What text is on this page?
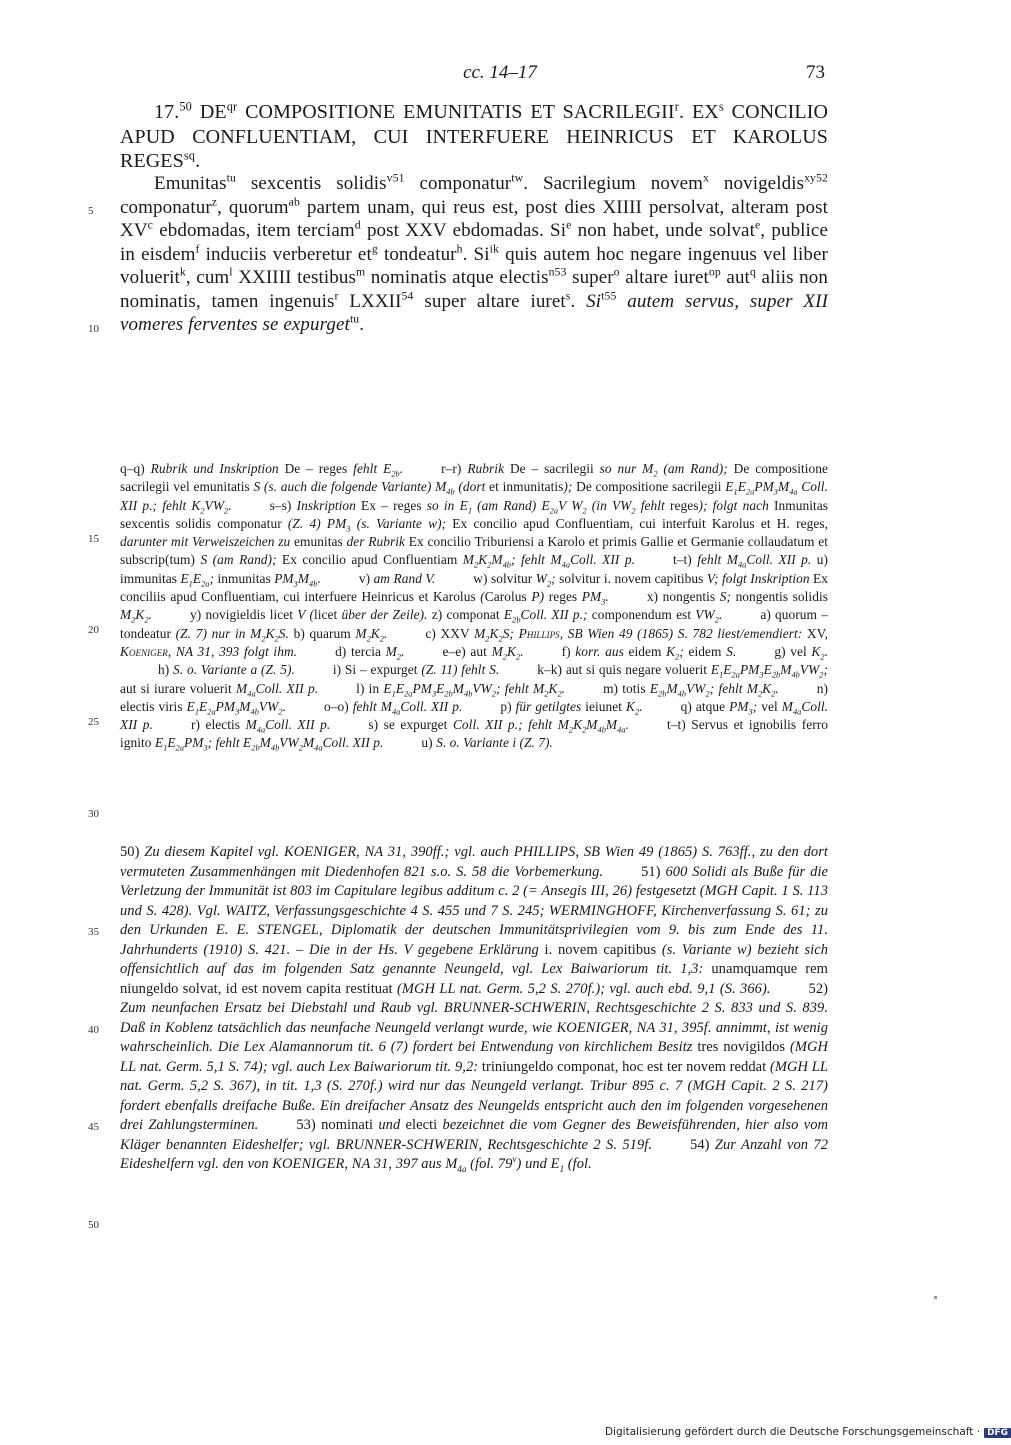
cc. 14–17	73
17.50 $DE^{qr}$ COMPOSITIONE EMUNITATIS ET SACRILEGII$^r$. $EX^s$ CONCILIO APUD CONFLUENTIAM, CUI INTERFUERE HEINRICUS ET KAROLUS $REGES^{sq}$.
Emunitas$^{tu}$ sexcentis solidis$^{v51}$ componatur$^{tw}$. Sacrilegium novem$^x$ novigeldis$^{xy52}$ componatur$^z$, quorum$^{ab}$ partem unam, qui reus est, post dies XIIII persolvat, alteram post $XV^c$ ebdomadas, item terciam$^d$ post XXV ebdomadas. Si$^e$ non habet, unde solvat$^e$, publice in eisdem$^f$ induciis verberetur $et^g$ tondeatur$^h$. $Si^{ik}$ quis autem hoc negare ingenuus vel liber voluerit$^k$, cum$^l$ XXIIII testibus$^m$ nominatis atque electis$^{n53}$ super$^o$ altare iuret$^{op}$ aut$^q$ aliis non nominatis, tamen ingenuis$^r$ LXXII$^{54}$ super altare iuret$^s$. $Si^{t55}$ autem servus, super XII vomeres ferventes se expurget$^{tu}$.
q–q) Rubrik und Inskription De – reges fehlt $E_{2b}$.	r–r) Rubrik De – sacrilegii so nur $M_2$ (am Rand); De compositione sacrilegii vel emunitatis S (s. auch die folgende Variante) $M_{4b}$ (dort et inmunitatis); De compositione sacrilegii $E_1E_{2a}PM_3M_{4a}$ Coll. XII p.; fehlt $K_2VW_2$.	s–s) Inskription Ex – reges so in $E_1$ (am Rand) $E_{2a}V$ $W_2$ (in $VW_2$ fehlt reges); folgt nach Inmunitas sexcentis solidis componatur (Z. 4) $PM_3$ (s. Variante w); Ex concilio apud Confluentiam, cui interfuit Karolus et H. reges, darunter mit Verweiszeichen zu emunitas der Rubrik Ex concilio Triburiensi a Karolo et primis Gallie et Germanie collaudatum et subscrip(tum) S (am Rand); Ex concilio apud Confluentiam $M_2K_2M_{4b}$; fehlt $M_{4a}Coll$. XII p.	t–t) fehlt $M_{4a}Coll$. XII p. u) immunitas $E_1E_{2a}$; inmunitas $PM_3M_{4b}$.	v) am Rand V.	w) solvitur $W_2$; solvitur i. novem capitibus V; folgt Inskription Ex conciliis apud Confluentiam, cui interfuere Heinricus et Karolus (Carolus P) reges $PM_3$.	x) nongentis S; nongentis solidis $M_2K_2$.	y) novigieldis licet V (licet über der Zeile). z) componat $E_{2b}Coll$. XII p.; componendum est $VW_2$.	a) quorum – tondeatur (Z. 7) nur in $M_2K_2S$. b) quarum $M_2K_2$.	c) XXV $M_2K_2S$; Phillips, SB Wien 49 (1865) S. 782 liest/emendiert: XV, Koeniger, NA 31, 393 folgt ihm.	d) tercia $M_2$.	e–e) aut $M_2K_2$.	f) korr. aus eidem $K_2$; eidem S.	g) vel $K_2.h$) S. o. Variante a (Z. 5).	i) Si – expurget (Z. 11) fehlt S.	k–k) aut si quis negare voluerit $E_1E_{2a}PM_3E_{2b}M_{4b}VW_2$; aut si iurare voluerit $M_{4a}Coll$. XII p.	l) in $E_1E_{2a}PM_3E_{2b}M_{4b}VW_2$; fehlt $M_2K_2$.	m) totis $E_{2b}M_{4b}VW_2$; fehlt $M_2K_2$.	n) electis viris $E_1E_{2a}PM_3M_{4b}VW_2$.	o–o) fehlt $M_{4a}Coll$. XII p.	p) für getilgtes ieiunet $K_2$.	q) atque $PM_3$; vel $M_{4a}Coll$. XII p.	r) electis $M_{4a}Coll$. XII p.	s) se expurget Coll. XII p.; fehlt $M_2K_2M_{4b}M_{4a}$.	t–t) Servus et ignobilis ferro ignito $E_1E_{2a}PM_3$; fehlt $E_{2b}M_{4b}VW_2M_{4a}Coll$. XII p.	u) S. o. Variante i (Z. 7).
50) Zu diesem Kapitel vgl. KOENIGER, NA 31, 390ff.; vgl. auch PHILLIPS, SB Wien 49 (1865) S. 763ff., zu den dort vermuteten Zusammenhängen mit Diedenhofen 821 s.o. S. 58 die Vorbemerkung.	51) 600 Solidi als Buße für die Verletzung der Immunität ist 803 im Capitulare legibus additum c. 2 (= Ansegis III, 26) festgesetzt (MGH Capit. 1 S. 113 und S. 428). Vgl. WAITZ, Verfassungsgeschichte 4 S. 455 und 7 S. 245; WERMINGHOFF, Kirchenverfassung S. 61; zu den Urkunden E. E. STENGEL, Diplomatik der deutschen Immunitätsprivilegien vom 9. bis zum Ende des 11. Jahrhunderts (1910) S. 421. – Die in der Hs. V gegebene Erklärung i. novem capitibus (s. Variante w) bezieht sich offensichtlich auf das im folgenden Satz genannte Neungeld, vgl. Lex Baiwariorum tit. 1,3: unamquamque rem niungeldo solvat, id est novem capita restituat (MGH LL nat. Germ. 5,2 S. 270f.); vgl. auch ebd. 9,1 (S. 366).	52) Zum neunfachen Ersatz bei Diebstahl und Raub vgl. BRUNNER-SCHWERIN, Rechtsgeschichte 2 S. 833 und S. 839. Daß in Koblenz tatsächlich das neunfache Neungeld verlangt wurde, wie KOENIGER, NA 31, 395f. annimmt, ist wenig wahrscheinlich. Die Lex Alamannorum tit. 6 (7) fordert bei Entwendung von kirchlichem Besitz tres novigildos (MGH LL nat. Germ. 5,1 S. 74); vgl. auch Lex Baiwariorum tit. 9,2: triniungeldo componat, hoc est ter novem reddat (MGH LL nat. Germ. 5,2 S. 367), in tit. 1,3 (S. 270f.) wird nur das Neungeld verlangt. Tribur 895 c. 7 (MGH Capit. 2 S. 217) fordert ebenfalls dreifache Buße. Ein dreifacher Ansatz des Neungelds entspricht auch den im folgenden vorgesehenen drei Zahlungsterminen.	53) nominati und electi bezeichnet die vom Gegner des Beweisführenden, hier also vom Kläger benannten Eideshelfer; vgl. BRUNNER-SCHWERIN, Rechtsgeschichte 2 S. 519f.	54) Zur Anzahl von 72 Eideshelfern vgl. den von KOENIGER, NA 31, 397 aus $M_{4a}$ (fol. 79$^v$) und $E_1$ (fol.
5
10
15
20
25
30
35
40
45
50
Digitalisierung gefördert durch die Deutsche Forschungsgemeinschaft · DFG
